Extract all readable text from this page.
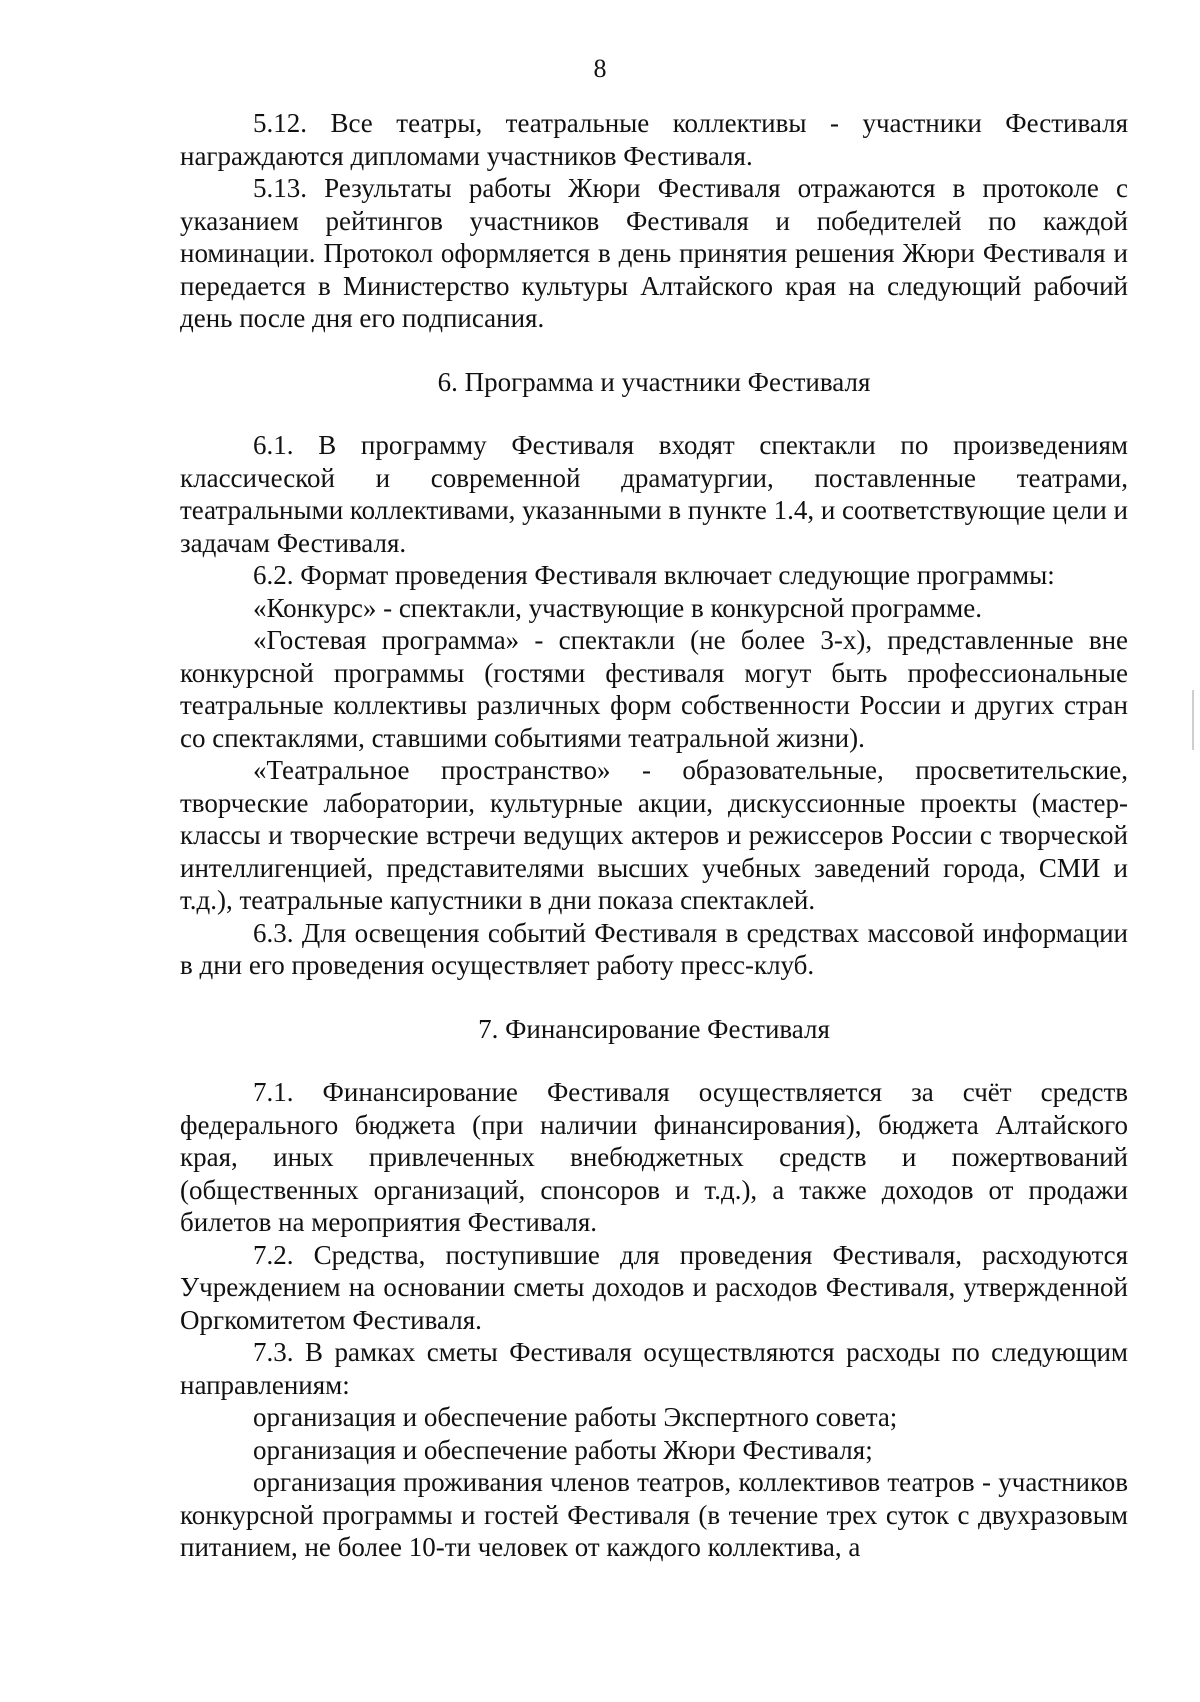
8

5.12. Все театры, театральные коллективы - участники Фестиваля награждаются дипломами участников Фестиваля.

5.13. Результаты работы Жюри Фестиваля отражаются в протоколе с указанием рейтингов участников Фестиваля и победителей по каждой номинации. Протокол оформляется в день принятия решения Жюри Фестиваля и передается в Министерство культуры Алтайского края на следующий рабочий день после дня его подписания.

6. Программа и участники Фестиваля

6.1. В программу Фестиваля входят спектакли по произведениям классической и современной драматургии, поставленные театрами, театральными коллективами, указанными в пункте 1.4, и соответствующие цели и задачам Фестиваля.

6.2. Формат проведения Фестиваля включает следующие программы:

«Конкурс» - спектакли, участвующие в конкурсной программе.

«Гостевая программа» - спектакли (не более 3-х), представленные вне конкурсной программы (гостями фестиваля могут быть профессиональные театральные коллективы различных форм собственности России и других стран со спектаклями, ставшими событиями театральной жизни).

«Театральное пространство» - образовательные, просветительские, творческие лаборатории, культурные акции, дискуссионные проекты (мастер-классы и творческие встречи ведущих актеров и режиссеров России с творческой интеллигенцией, представителями высших учебных заведений города, СМИ и т.д.), театральные капустники в дни показа спектаклей.

6.3. Для освещения событий Фестиваля в средствах массовой информации в дни его проведения осуществляет работу пресс-клуб.

7. Финансирование Фестиваля

7.1. Финансирование Фестиваля осуществляется за счёт средств федерального бюджета (при наличии финансирования), бюджета Алтайского края, иных привлеченных внебюджетных средств и пожертвований (общественных организаций, спонсоров и т.д.), а также доходов от продажи билетов на мероприятия Фестиваля.

7.2. Средства, поступившие для проведения Фестиваля, расходуются Учреждением на основании сметы доходов и расходов Фестиваля, утвержденной Оргкомитетом Фестиваля.

7.3. В рамках сметы Фестиваля осуществляются расходы по следующим направлениям:

организация и обеспечение работы Экспертного совета;

организация и обеспечение работы Жюри Фестиваля;

организация проживания членов театров, коллективов театров - участников конкурсной программы и гостей Фестиваля (в течение трех суток с двухразовым питанием, не более 10-ти человек от каждого коллектива, а
